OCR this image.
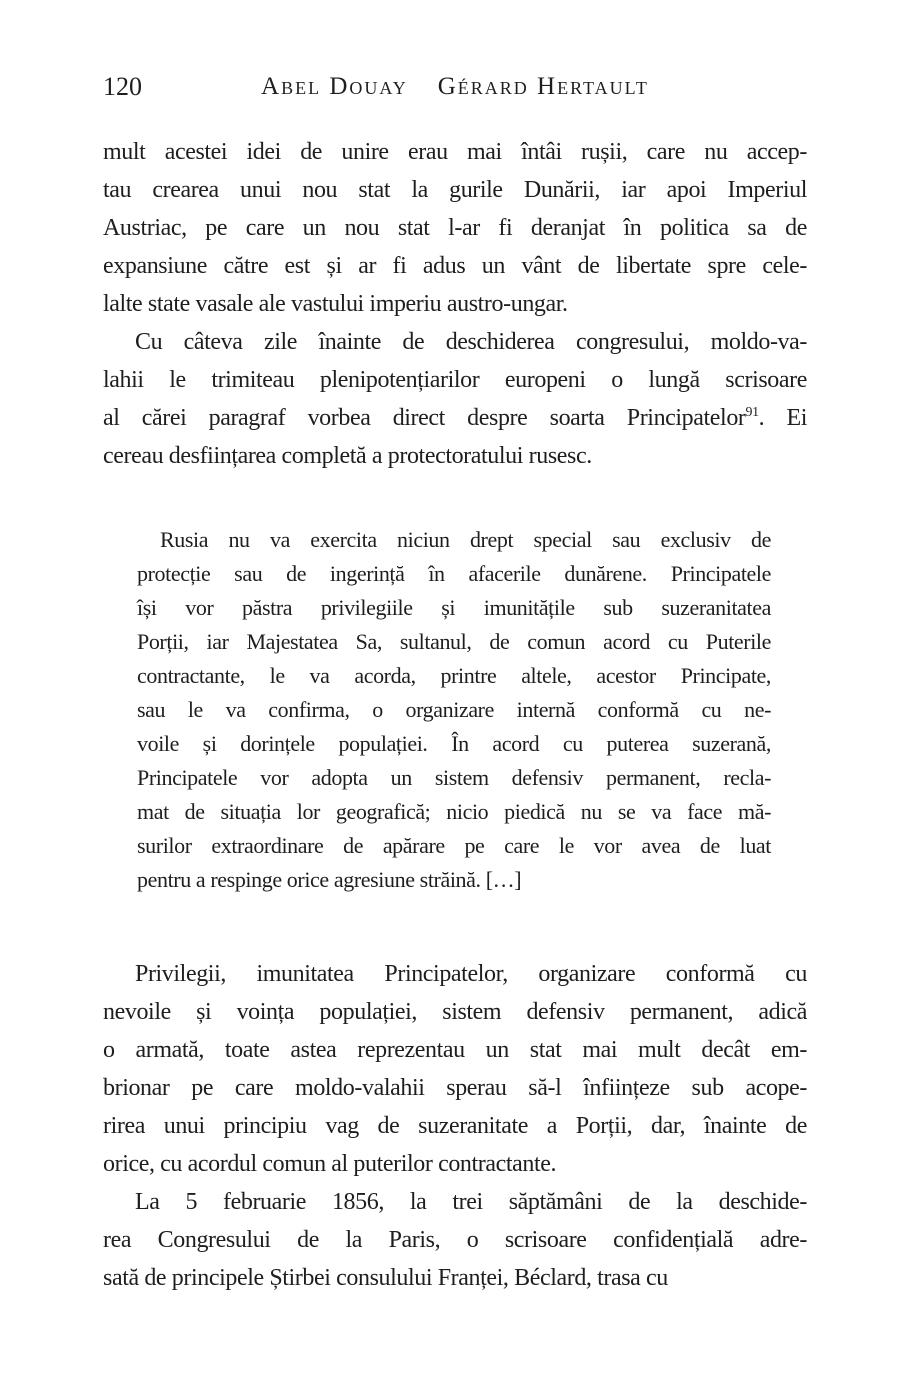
120	Abel Douay Gérard Hertault
mult acestei idei de unire erau mai întâi rușii, care nu accep-
tau crearea unui nou stat la gurile Dunării, iar apoi Imperiul
Austriac, pe care un nou stat l-ar fi deranjat în politica sa de
expansiune către est și ar fi adus un vânt de libertate spre cele-
lalte state vasale ale vastului imperiu austro-ungar.
Cu câteva zile înainte de deschiderea congresului, moldo-va-
lahii le trimiteau plenipotențiarilor europeni o lungă scrisoare
al cărei paragraf vorbea direct despre soarta Principatelor$^{91}$. Ei
cereau desființarea completă a protectoratului rusesc.
Rusia nu va exercita niciun drept special sau exclusiv de
protecție sau de ingerință în afacerile dunărene. Principatele
își vor păstra privilegiile și imunitățile sub suzeranitatea
Porții, iar Majestatea Sa, sultanul, de comun acord cu Puterile
contractante, le va acorda, printre altele, acestor Principate,
sau le va confirma, o organizare internă conformă cu ne-
voile și dorințele populației. În acord cu puterea suzerană,
Principatele vor adopta un sistem defensiv permanent, recla-
mat de situația lor geografică; nicio piedică nu se va face mă-
surilor extraordinare de apărare pe care le vor avea de luat
pentru a respinge orice agresiune străină. […]
Privilegii, imunitatea Principatelor, organizare conformă cu
nevoile și voința populației, sistem defensiv permanent, adică
o armată, toate astea reprezentau un stat mai mult decât em-
brionar pe care moldo-valahii sperau să-l înființeze sub acope-
rirea unui principiu vag de suzeranitate a Porții, dar, înainte de
orice, cu acordul comun al puterilor contractante.
La 5 februarie 1856, la trei săptămâni de la deschide-
rea Congresului de la Paris, o scrisoare confidențială adre-
sată de principele Știrbei consulului Franței, Béclard, trasa cu
